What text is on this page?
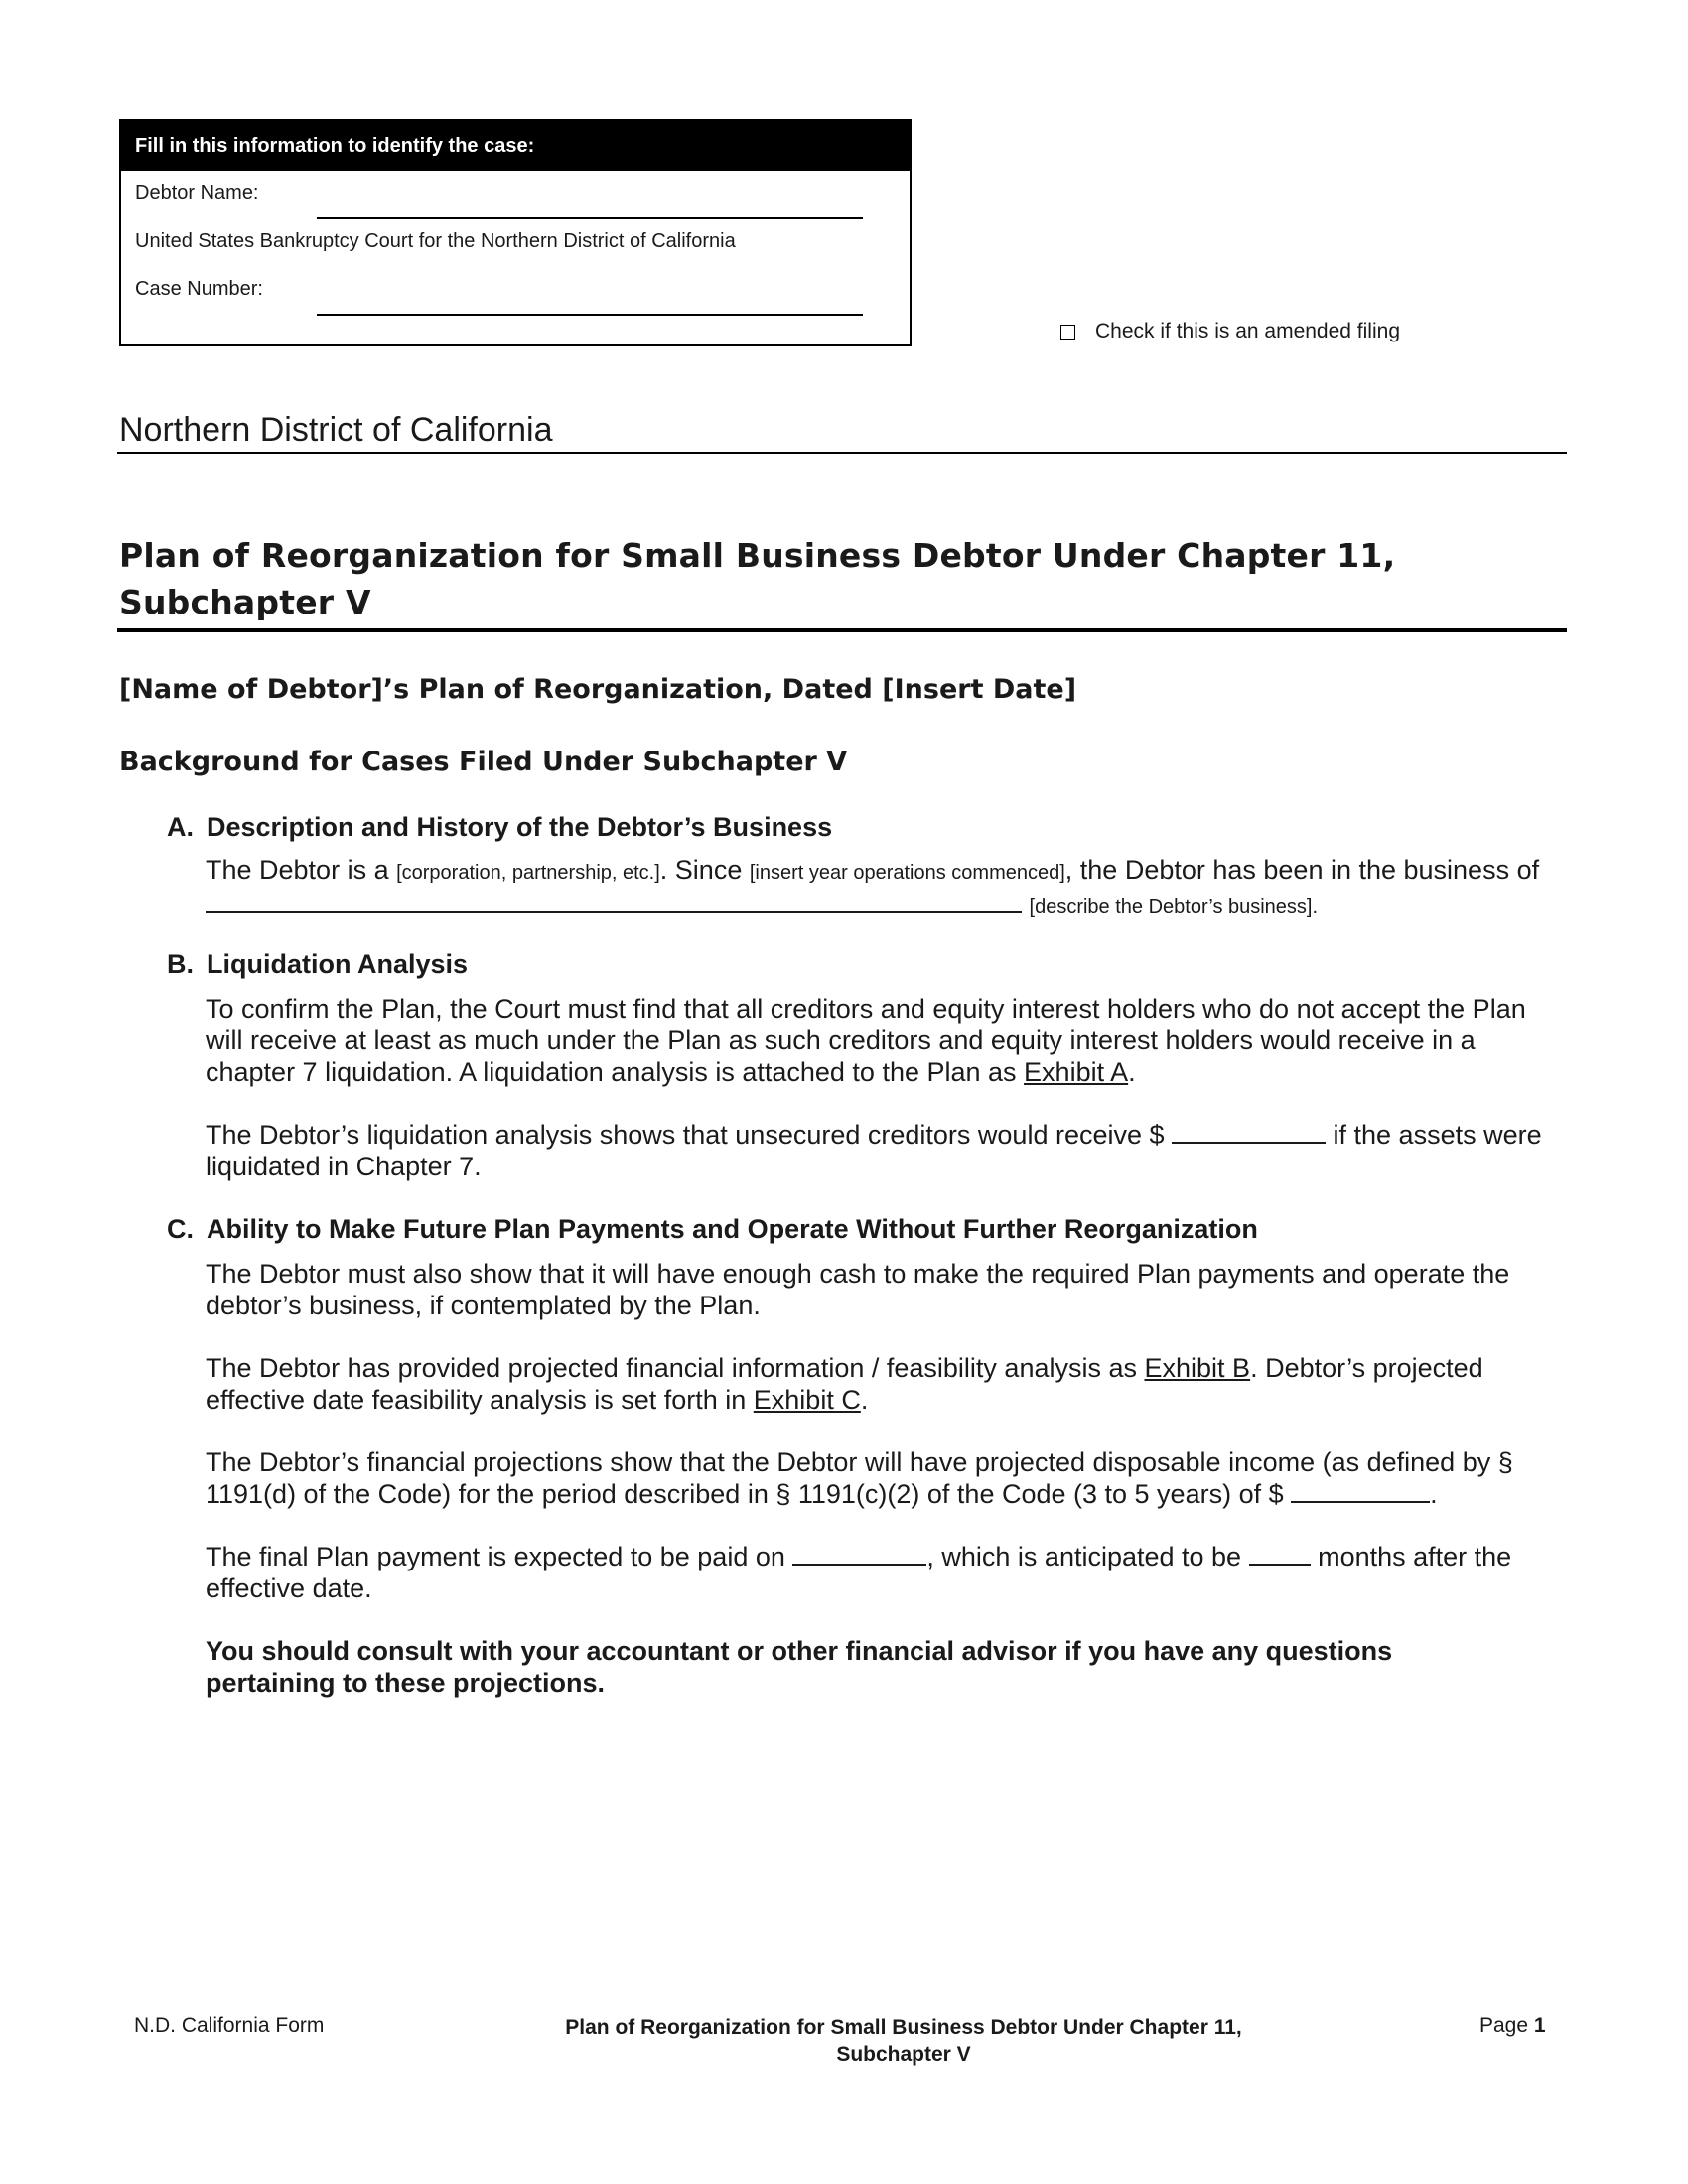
Fill in this information to identify the case:
Debtor Name:
United States Bankruptcy Court for the Northern District of California
Case Number:
Check if this is an amended filing
Northern District of California
Plan of Reorganization for Small Business Debtor Under Chapter 11, Subchapter V
[Name of Debtor]’s Plan of Reorganization, Dated [Insert Date]
Background for Cases Filed Under Subchapter V
A. Description and History of the Debtor’s Business
The Debtor is a [corporation, partnership, etc.]. Since [insert year operations commenced], the Debtor has been in the business of  [describe the Debtor’s business].
B. Liquidation Analysis
To confirm the Plan, the Court must find that all creditors and equity interest holders who do not accept the Plan will receive at least as much under the Plan as such creditors and equity interest holders would receive in a chapter 7 liquidation. A liquidation analysis is attached to the Plan as Exhibit A.
The Debtor’s liquidation analysis shows that unsecured creditors would receive $	if the assets were liquidated in Chapter 7.
C. Ability to Make Future Plan Payments and Operate Without Further Reorganization
The Debtor must also show that it will have enough cash to make the required Plan payments and operate the debtor’s business, if contemplated by the Plan.
The Debtor has provided projected financial information / feasibility analysis as Exhibit B. Debtor’s projected effective date feasibility analysis is set forth in Exhibit C.
The Debtor’s financial projections show that the Debtor will have projected disposable income (as defined by § 1191(d) of the Code) for the period described in § 1191(c)(2) of the Code (3 to 5 years) of $	.
The final Plan payment is expected to be paid on	, which is anticipated to be  months after the effective date.
You should consult with your accountant or other financial advisor if you have any questions pertaining to these projections.
N.D. California Form	Plan of Reorganization for Small Business Debtor Under Chapter 11, Subchapter V
Page 1
